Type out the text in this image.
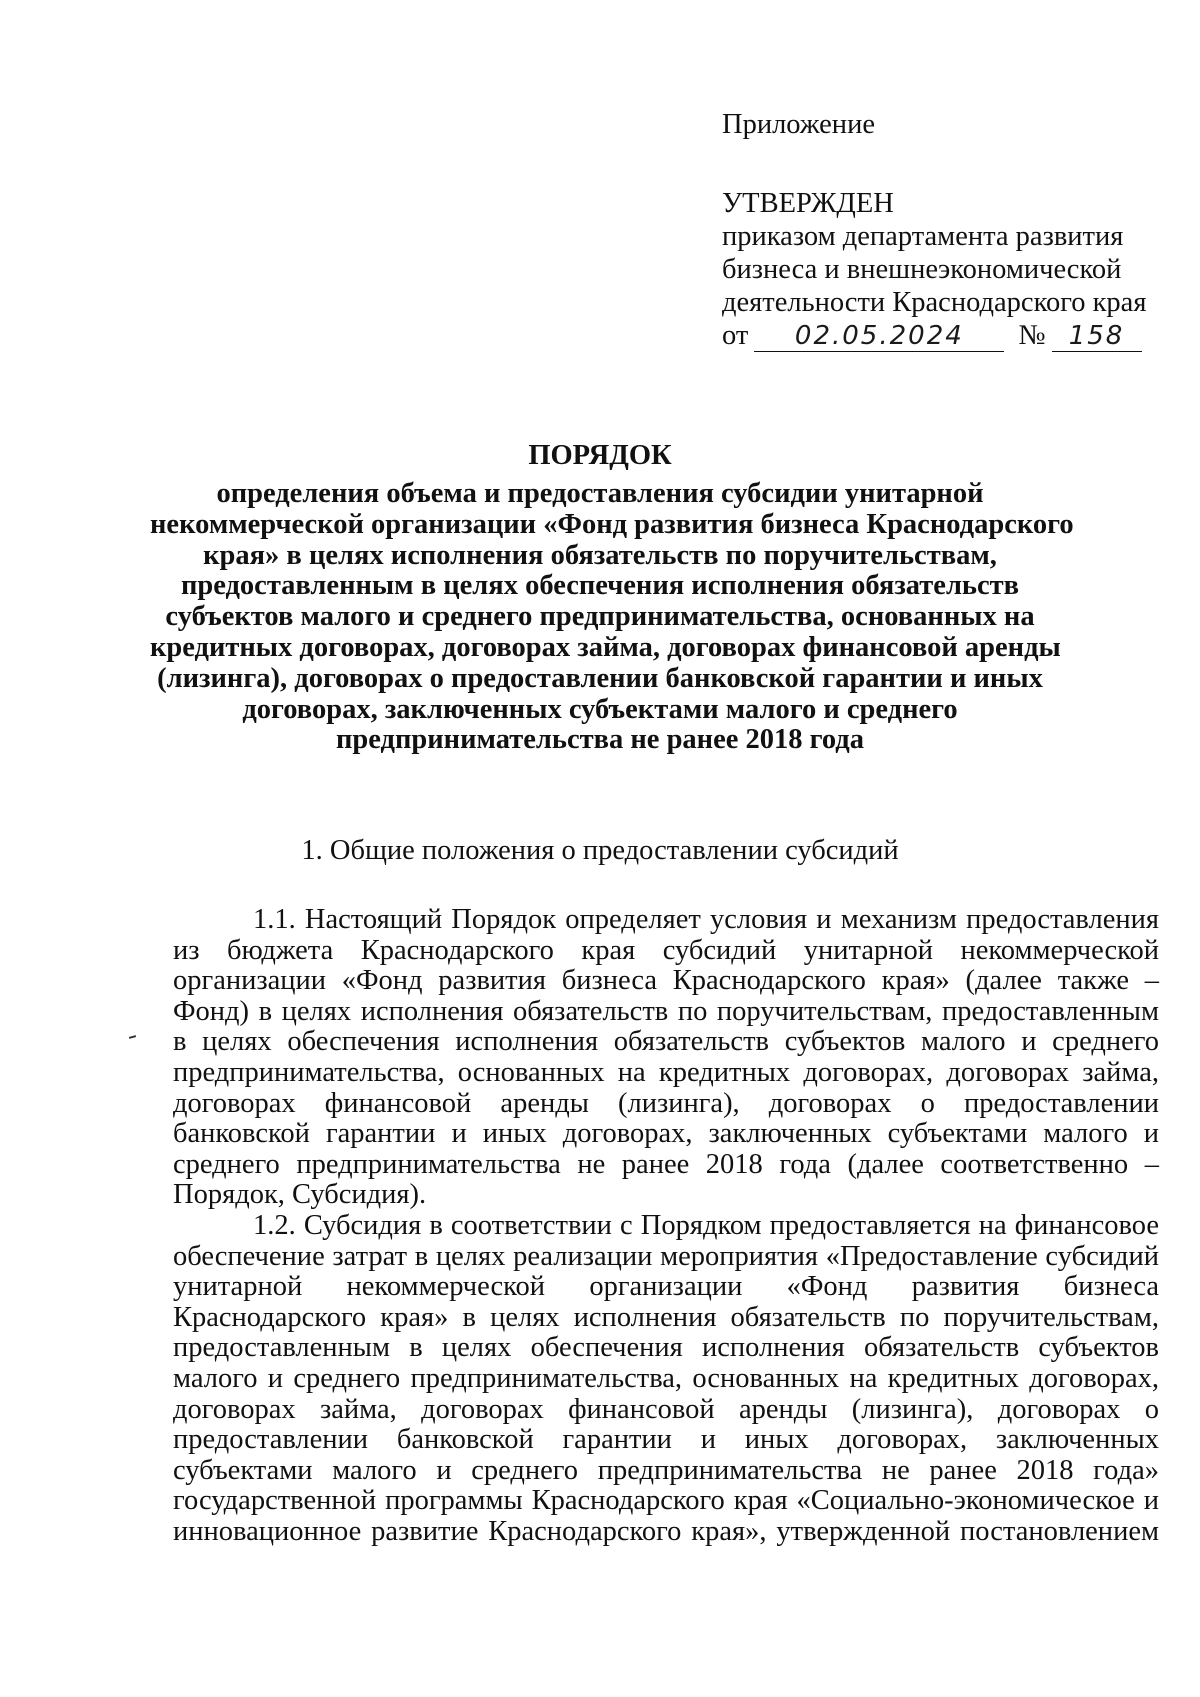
Приложение
УТВЕРЖДЕН
приказом департамента развития
бизнеса и внешнеэкономической
деятельности Краснодарского края
от	02.05.2024	№ 158
ПОРЯДОК
определения объема и предоставления субсидии унитарной
некоммерческой организации «Фонд развития бизнеса Краснодарского
края» в целях исполнения обязательств по поручительствам,
предоставленным в целях обеспечения исполнения обязательств
субъектов малого и среднего предпринимательства, основанных на
кредитных договорах, договорах займа, договорах финансовой аренды
(лизинга), договорах о предоставлении банковской гарантии и иных
договорах, заключенных субъектами малого и среднего
предпринимательства не ранее 2018 года
1. Общие положения о предоставлении субсидий

1.1. Настоящий Порядок определяет условия и механизм предоставления
из бюджета Краснодарского края субсидий унитарной некоммерческой
организации «Фонд развития бизнеса Краснодарского края» (далее также –
Фонд) в целях исполнения обязательств по поручительствам, предоставленным
в целях обеспечения исполнения обязательств субъектов малого и среднего
предпринимательства, основанных на кредитных договорах, договорах займа,
договорах финансовой аренды (лизинга), договорах о предоставлении
банковской гарантии и иных договорах, заключенных субъектами малого и
среднего предпринимательства не ранее 2018 года (далее соответственно –
Порядок, Субсидия).

1.2. Субсидия в соответствии с Порядком предоставляется на финансовое
обеспечение затрат в целях реализации мероприятия «Предоставление субсидий
унитарной некоммерческой организации «Фонд развития бизнеса
Краснодарского края» в целях исполнения обязательств по поручительствам,
предоставленным в целях обеспечения исполнения обязательств субъектов
малого и среднего предпринимательства, основанных на кредитных договорах,
договорах займа, договорах финансовой аренды (лизинга), договорах о
предоставлении банковской гарантии и иных договорах, заключенных
субъектами малого и среднего предпринимательства не ранее 2018 года»
государственной программы Краснодарского края «Социально-экономическое и
инновационное развитие Краснодарского края», утвержденной постановлением
